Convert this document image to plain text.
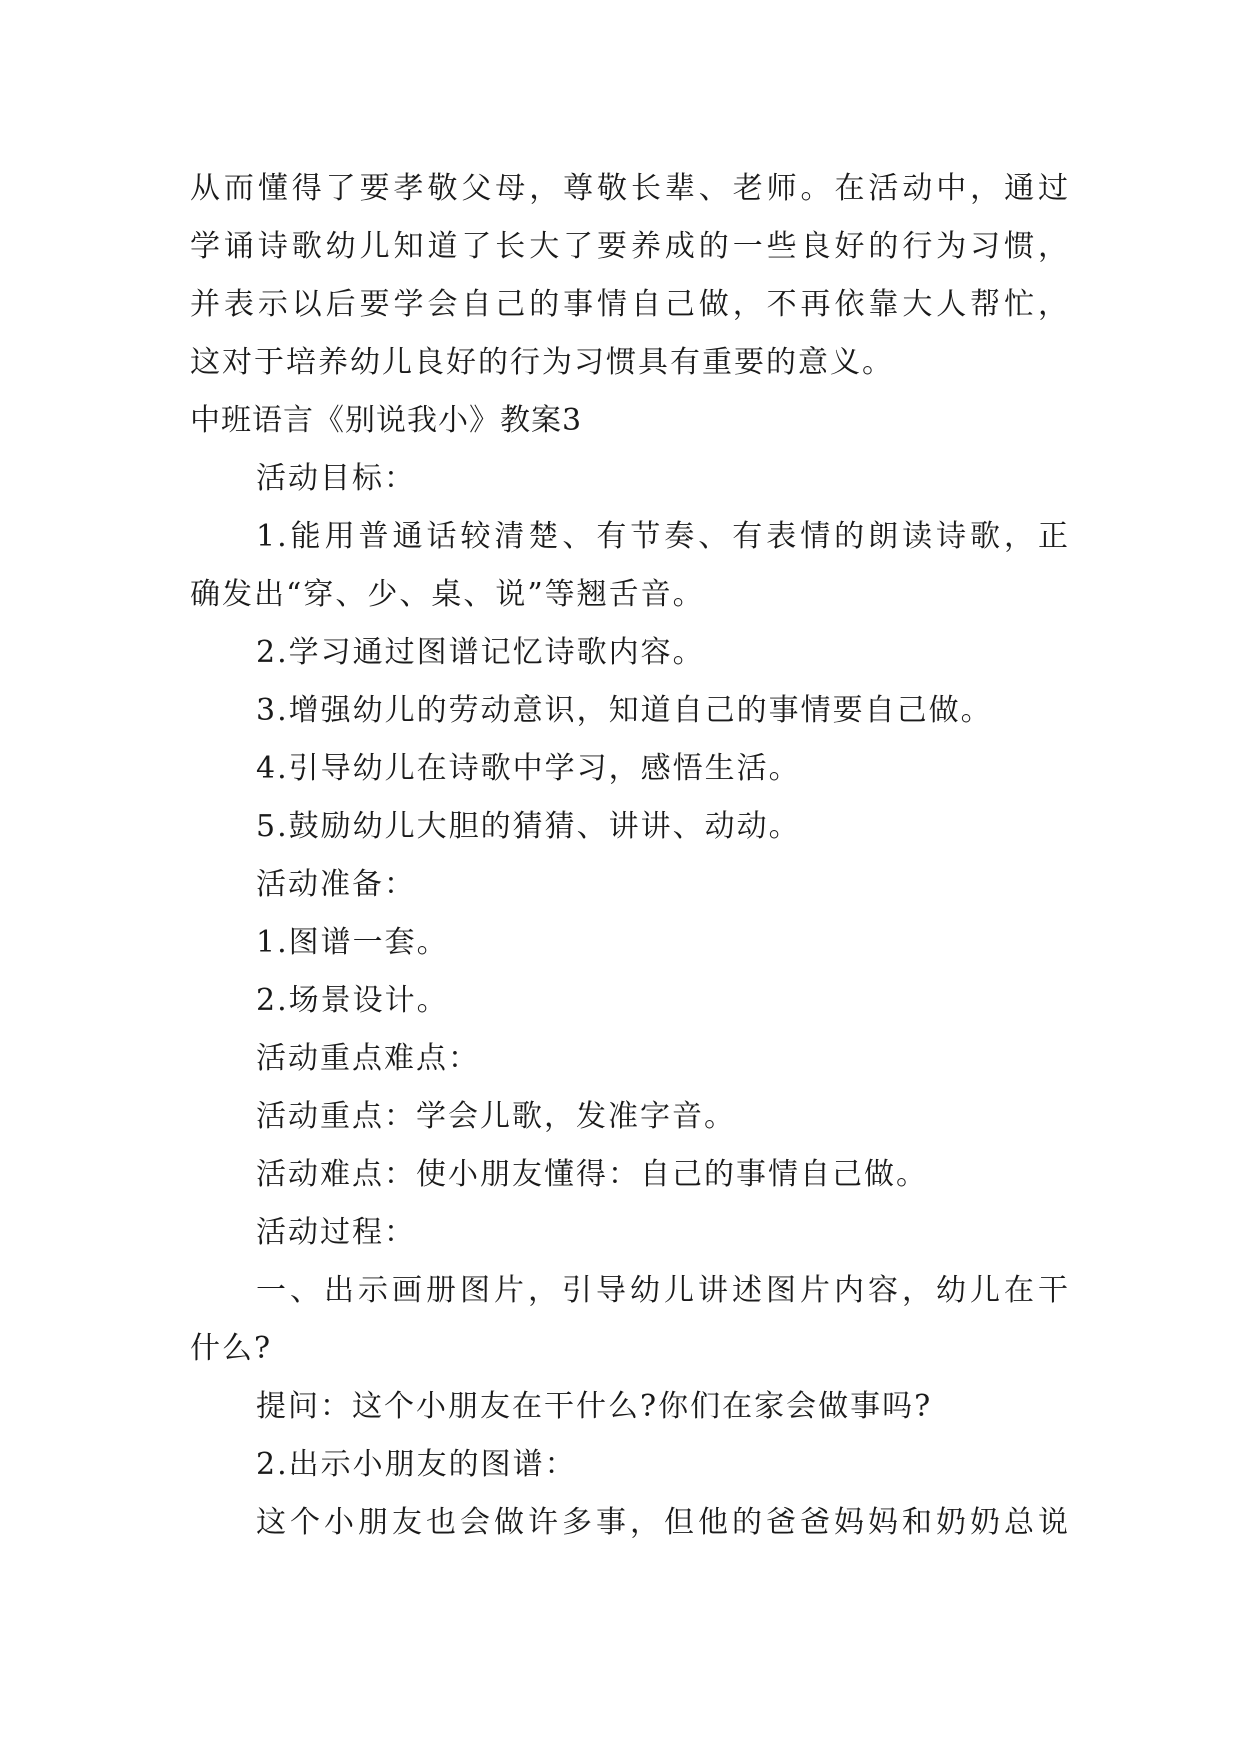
从而懂得了要孝敬父母，尊敬长辈、老师。在活动中，通过
学诵诗歌幼儿知道了长大了要养成的一些良好的行为习惯，
并表示以后要学会自己的事情自己做，不再依靠大人帮忙，
这对于培养幼儿良好的行为习惯具有重要的意义。
中班语言《别说我小》教案3
活动目标：
1.能用普通话较清楚、有节奏、有表情的朗读诗歌，正
确发出“穿、少、桌、说”等翘舌音。
2.学习通过图谱记忆诗歌内容。
3.增强幼儿的劳动意识，知道自己的事情要自己做。
4.引导幼儿在诗歌中学习，感悟生活。
5.鼓励幼儿大胆的猜猜、讲讲、动动。
活动准备：
1.图谱一套。
2.场景设计。
活动重点难点：
活动重点：学会儿歌，发准字音。
活动难点：使小朋友懂得：自己的事情自己做。
活动过程：
一、出示画册图片，引导幼儿讲述图片内容，幼儿在干
什么?
提问：这个小朋友在干什么?你们在家会做事吗?
2.出示小朋友的图谱：
这个小朋友也会做许多事，但他的爸爸妈妈和奶奶总说
